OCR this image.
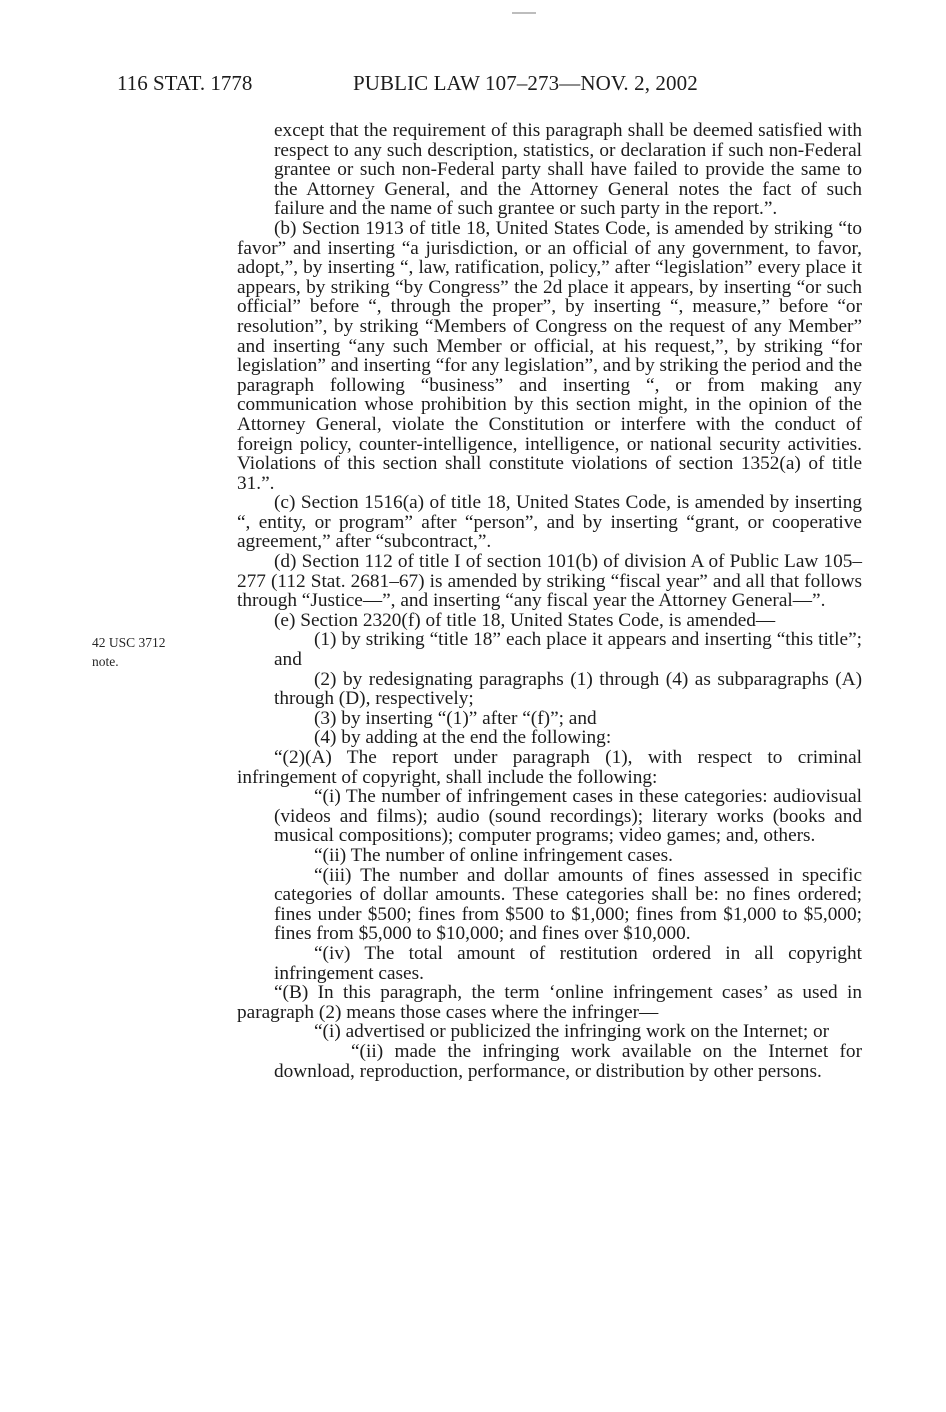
116 STAT. 1778	PUBLIC LAW 107–273—NOV. 2, 2002
42 USC 3712
note.

except that the requirement of this paragraph shall be deemed satisfied with respect to any such description, statistics, or declaration if such non-Federal grantee or such non-Federal party shall have failed to provide the same to the Attorney General, and the Attorney General notes the fact of such failure and the name of such grantee or such party in the report.”.

(b) Section 1913 of title 18, United States Code, is amended by striking “to favor” and inserting “a jurisdiction, or an official of any government, to favor, adopt,”, by inserting “, law, ratification, policy,” after “legislation” every place it appears, by striking “by Congress” the 2d place it appears, by inserting “or such official” before “, through the proper”, by inserting “, measure,” before “or resolution”, by striking “Members of Congress on the request of any Member” and inserting “any such Member or official, at his request,”, by striking “for legislation” and inserting “for any legislation”, and by striking the period and the paragraph following “business” and inserting “, or from making any communication whose prohibition by this section might, in the opinion of the Attorney General, violate the Constitution or interfere with the conduct of foreign policy, counter-intelligence, intelligence, or national security activities. Violations of this section shall constitute violations of section 1352(a) of title 31.”.

(c) Section 1516(a) of title 18, United States Code, is amended by inserting “, entity, or program” after “person”, and by inserting “grant, or cooperative agreement,” after “subcontract,”.

(d) Section 112 of title I of section 101(b) of division A of Public Law 105–277 (112 Stat. 2681–67) is amended by striking “fiscal year” and all that follows through “Justice—”, and inserting “any fiscal year the Attorney General—”.

(e) Section 2320(f) of title 18, United States Code, is amended—

(1) by striking “title 18” each place it appears and inserting “this title”; and

(2) by redesignating paragraphs (1) through (4) as subparagraphs (A) through (D), respectively;

(3) by inserting “(1)” after “(f)”; and

(4) by adding at the end the following:

“(2)(A) The report under paragraph (1), with respect to criminal infringement of copyright, shall include the following:

“(i) The number of infringement cases in these categories: audiovisual (videos and films); audio (sound recordings); literary works (books and musical compositions); computer programs; video games; and, others.

“(ii) The number of online infringement cases.

“(iii) The number and dollar amounts of fines assessed in specific categories of dollar amounts. These categories shall be: no fines ordered; fines under $500; fines from $500 to $1,000; fines from $1,000 to $5,000; fines from $5,000 to $10,000; and fines over $10,000.

“(iv) The total amount of restitution ordered in all copyright infringement cases.

“(B) In this paragraph, the term ‘online infringement cases’ as used in paragraph (2) means those cases where the infringer—

“(i) advertised or publicized the infringing work on the Internet; or

“(ii) made the infringing work available on the Internet for download, reproduction, performance, or distribution by other persons.
